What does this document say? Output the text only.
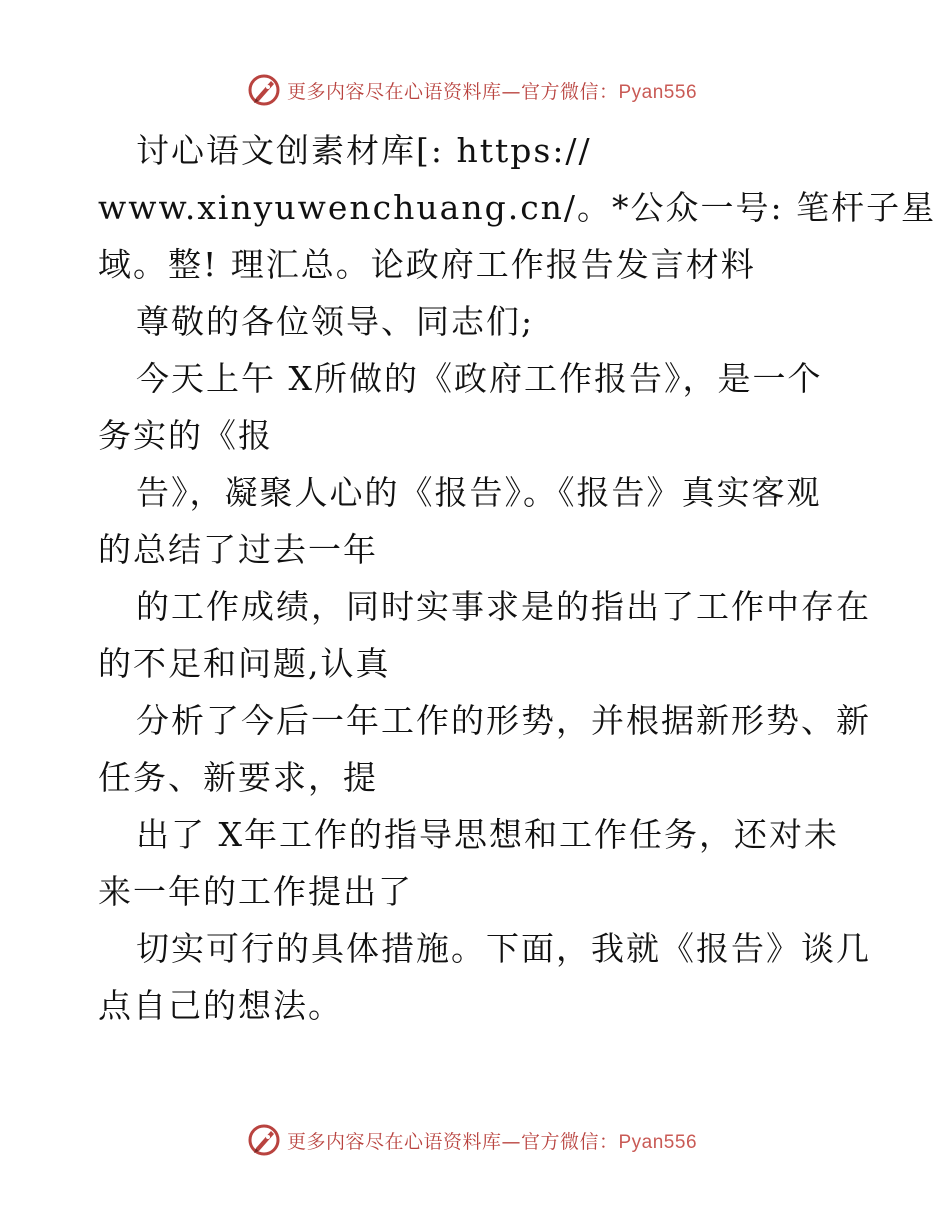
更多内容尽在心语资料库—官方微信：Pyan556
讨心语文创素材库[: https://
www.xinyuwenchuang.cn/。*公众一号: 笔杆子星
域。整! 理汇总。论政府工作报告发言材料
尊敬的各位领导、同志们;
今天上午 X所做的《政府工作报告》，是一个
务实的《报
告》，凝聚人心的《报告》。《报告》真实客观
的总结了过去一年
的工作成绩，同时实事求是的指出了工作中存在
的不足和问题,认真
分析了今后一年工作的形势，并根据新形势、新
任务、新要求，提
出了 X年工作的指导思想和工作任务，还对未
来一年的工作提出了
切实可行的具体措施。下面，我就《报告》谈几
点自己的想法。
更多内容尽在心语资料库—官方微信：Pyan556
